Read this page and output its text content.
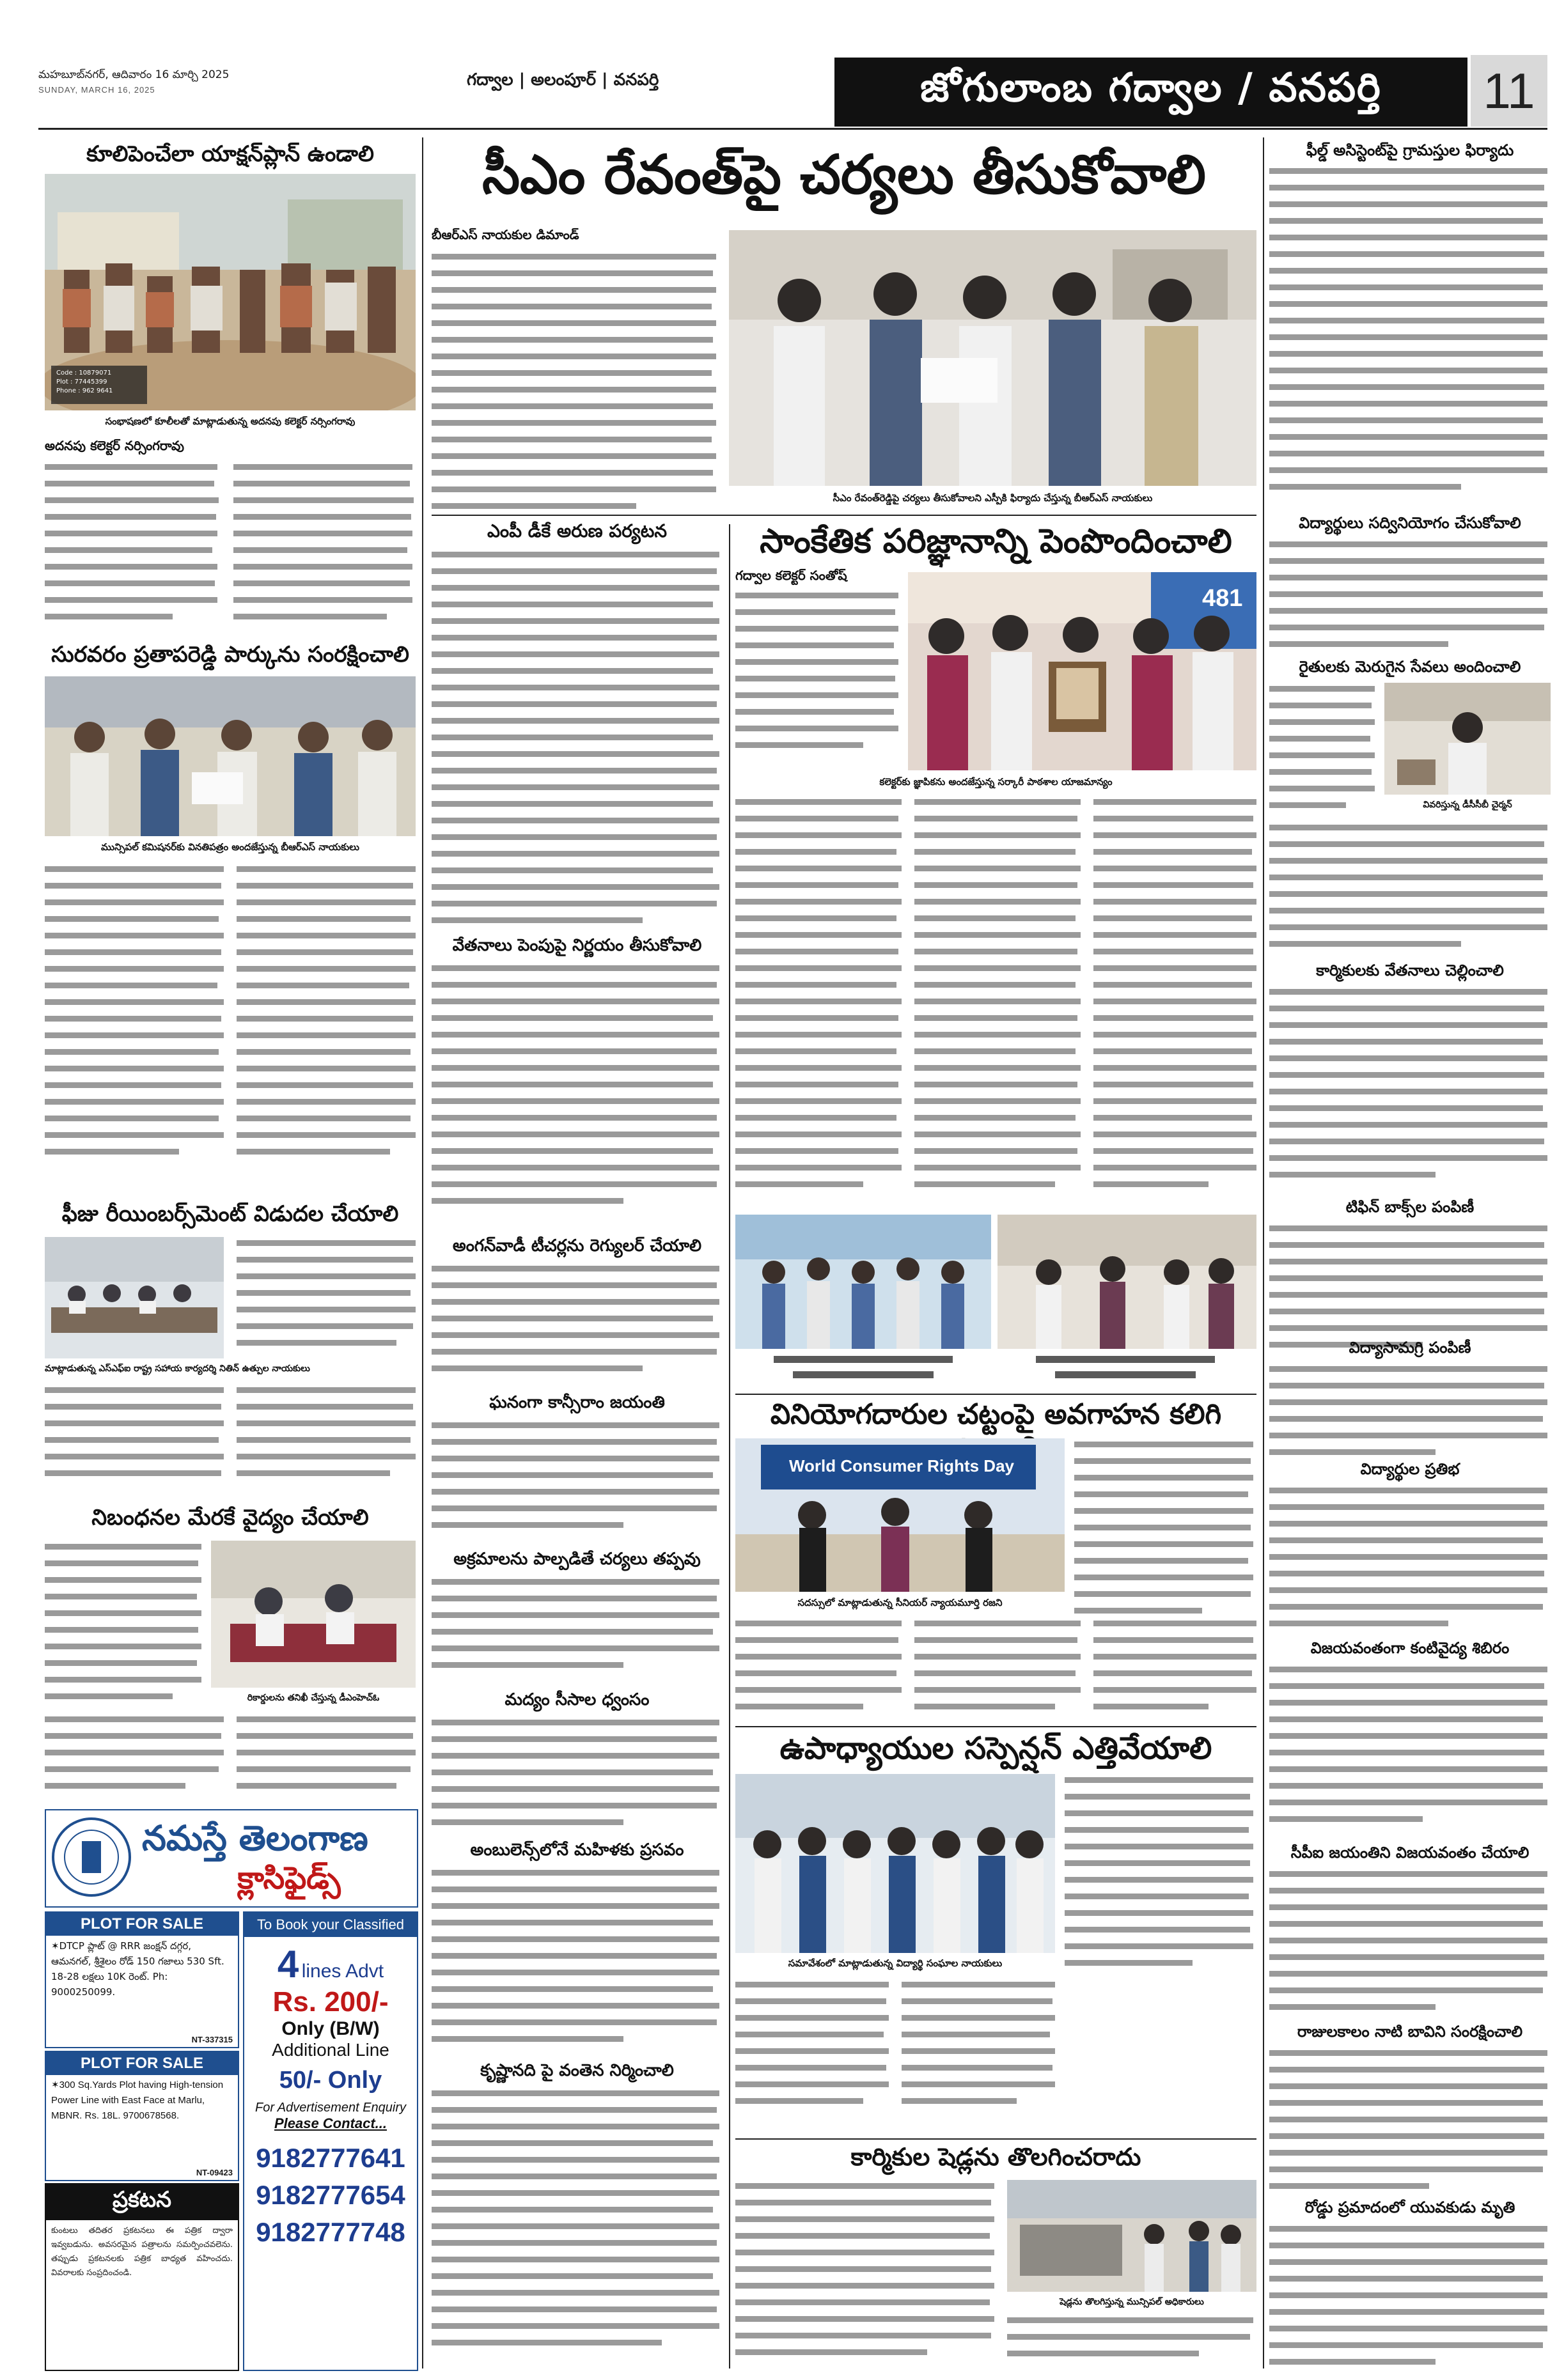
మహబూబ్‌నగర్, ఆదివారం 16 మార్చి 2025
SUNDAY, MARCH 16, 2025
గద్వాల | అలంపూర్ | వనపర్తి	జోగులాంబ గద్వాల / వనపర్తి	11
కూలిపెంచేలా యాక్షన్‌ప్లాన్ ఉండాలి
Code : 10879071
Plot : 77445399
Phone : 962 9641
సంభాషణలో కూలీలతో మాట్లాడుతున్న అదనపు కలెక్టర్ నర్సింగరావు
అదనపు కలెక్టర్ నర్సింగరావు
సురవరం ప్రతాపరెడ్డి పార్కును సంరక్షించాలి
మున్సిపల్ కమిషనర్‌కు వినతిపత్రం అందజేస్తున్న బీఆర్‌ఎస్ నాయకులు
ఫీజు రీయింబర్స్‌మెంట్ విడుదల చేయాలి
మాట్లాడుతున్న ఎస్‌ఎఫ్‌ఐ రాష్ట్ర సహాయ కార్యదర్శి నితిన్ ఉత్పుల నాయకులు
నిబంధనల మేరకే వైద్యం చేయాలి
రికార్డులను తనిఖీ చేస్తున్న డీఎంహెచ్‌ఓ
నమస్తే తెలంగాణ
క్లాసిఫైడ్స్
PLOT FOR SALE
✶DTCP ప్లాట్ @ RRR జంక్షన్ దగ్గర, ఆమనగల్, శ్రీశైలం రోడ్ 150 గజాలు 530 Sft. 18-28 లక్షలు 10K రెంట్. Ph: 9000250099.
NT-337315
PLOT FOR SALE
✶300 Sq.Yards Plot having High-tension Power Line with East Face at Marlu, MBNR. Rs. 18L. 9700678568.
NT-09423
ప్రకటన
కుంటలు తదితర ప్రకటనలు ఈ పత్రిక ద్వారా ఇవ్వబడును. అవసరమైన పత్రాలను సమర్పించవలెను. తప్పుడు ప్రకటనలకు పత్రిక బాధ్యత వహించదు. వివరాలకు సంప్రదించండి.
To Book your Classified
4 lines Advt
Rs. 200/-
Only (B/W)
Additional Line
50/- Only
For Advertisement Enquiry
Please Contact...
9182777641
9182777654
9182777748
సీఎం రేవంత్‌పై చర్యలు తీసుకోవాలి
బీఆర్‌ఎస్ నాయకుల డిమాండ్
సీఎం రేవంత్‌రెడ్డిపై చర్యలు తీసుకోవాలని ఎస్పీకి ఫిర్యాదు చేస్తున్న బీఆర్‌ఎస్ నాయకులు
ఎంపీ డీకే అరుణ పర్యటన
వేతనాలు పెంపుపై నిర్ణయం తీసుకోవాలి
అంగన్‌వాడీ టీచర్లను రెగ్యులర్ చేయాలి
ఘనంగా కాన్సీరాం జయంతి
అక్రమాలను పాల్పడితే చర్యలు తప్పవు
మద్యం సీసాల ధ్వంసం
అంబులెన్స్‌లోనే మహిళకు ప్రసవం
కృష్ణానది పై వంతెన నిర్మించాలి
సాంకేతిక పరిజ్ఞానాన్ని పెంపొందించాలి
గద్వాల కలెక్టర్ సంతోష్
481
కలెక్టర్‌కు జ్ఞాపికను అందజేస్తున్న సర్కారీ పాఠశాల యాజమాన్యం
వినియోగదారుల చట్టంపై అవగాహన కలిగి
World Consumer Rights Day
సదస్సులో మాట్లాడుతున్న సీనియర్ న్యాయమూర్తి రజని
ఉపాధ్యాయుల సస్పెన్షన్ ఎత్తివేయాలి
సమావేశంలో మాట్లాడుతున్న విద్యార్థి సంఘాల నాయకులు
కార్మికుల షెడ్లను తొలగించరాదు
షెడ్లను తొలగిస్తున్న మున్సిపల్ అధికారులు
ఫీల్డ్ అసిస్టెంట్‌పై గ్రామస్తుల ఫిర్యాదు
విద్యార్థులు సద్వినియోగం చేసుకోవాలి
రైతులకు మెరుగైన సేవలు అందించాలి
వివరిస్తున్న డీసీసీబీ చైర్మన్
కార్మికులకు వేతనాలు చెల్లించాలి
టిఫిన్ బాక్స్‌ల పంపిణీ
విద్యాసామగ్రి పంపిణీ
విద్యార్థుల ప్రతిభ
విజయవంతంగా కంటివైద్య శిబిరం
సీపీఐ జయంతిని విజయవంతం చేయాలి
రాజులకాలం నాటి బావిని సంరక్షించాలి
రోడ్డు ప్రమాదంలో యువకుడు మృతి
